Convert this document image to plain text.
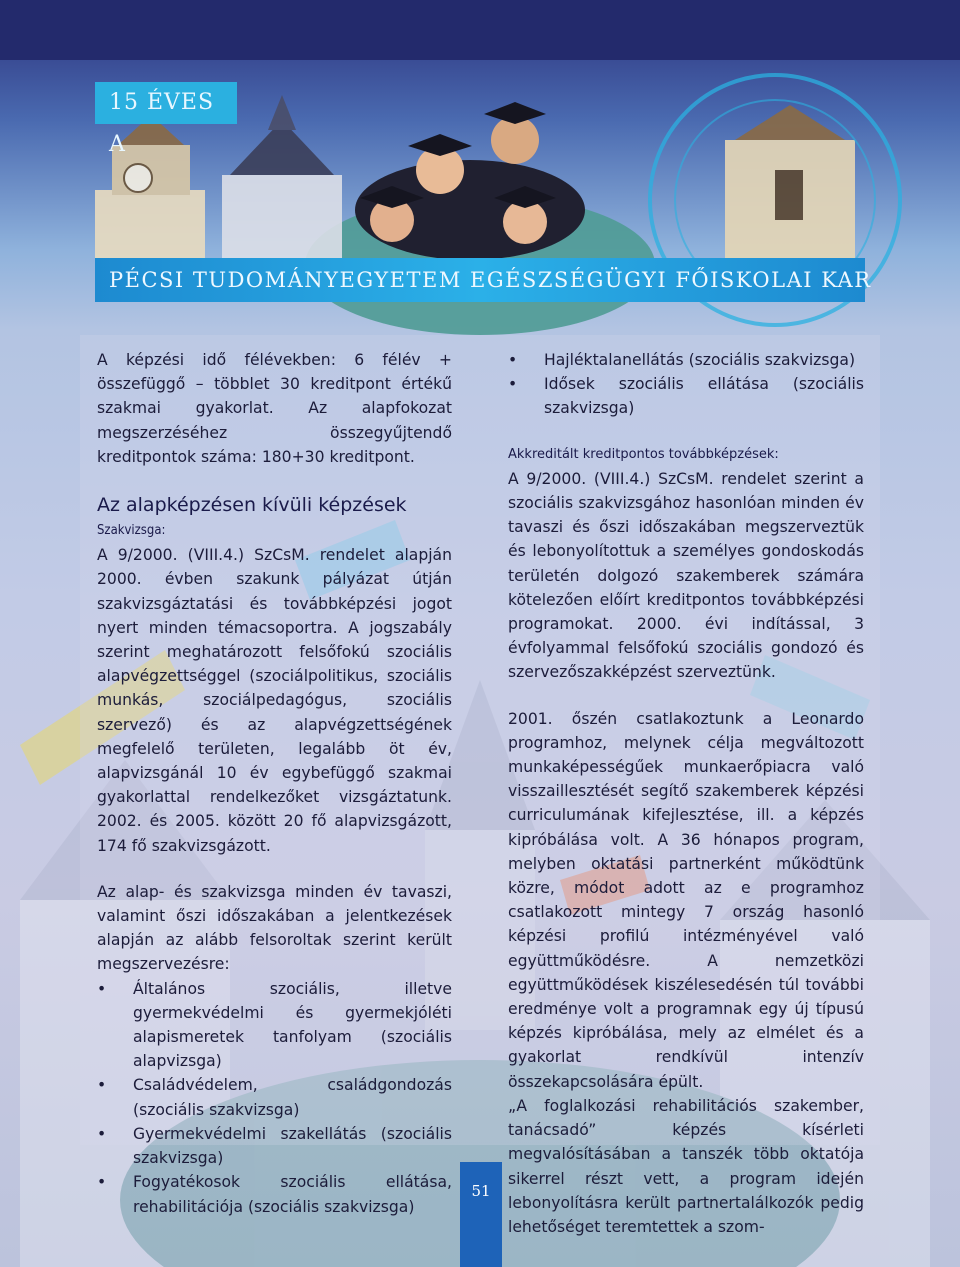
15 ÉVES A
PÉCSI TUDOMÁNYEGYETEM EGÉSZSÉGÜGYI FŐISKOLAI KAR

A képzési idő félévekben: 6 félév + összefüggő – többlet 30 kreditpont értékű szakmai gyakorlat. Az alapfokozat megszerzéséhez összegyűjtendő kreditpontok száma: 180+30 kreditpont.

Az alapképzésen kívüli képzések
Szakvizsga:

A 9/2000. (VIII.4.) SzCsM. rendelet alapján 2000. évben szakunk pályázat útján szakvizsgáztatási és továbbképzési jogot nyert minden témacsoportra. A jogszabály szerint meghatározott felsőfokú szociális alapvégzettséggel (szociálpolitikus, szociális munkás, szociálpedagógus, szociális szervező) és az alapvégzettségének megfelelő területen, legalább öt év, alapvizsgánál 10 év egybefüggő szakmai gyakorlattal rendelkezőket vizsgáztatunk. 2002. és 2005. között 20 fő alapvizsgázott, 174 fő szakvizsgázott.

Az alap- és szakvizsga minden év tavaszi, valamint őszi időszakában a jelentkezések alapján az alább felsoroltak szerint került megszervezésre:

• Általános szociális, illetve gyermekvédelmi és gyermekjóléti alapismeretek tanfolyam (szociális alapvizsga)
• Családvédelem, családgondozás (szociális szakvizsga)
• Gyermekvédelmi szakellátás (szociális szakvizsga)
• Fogyatékosok szociális ellátása, rehabilitációja (szociális szakvizsga)
• Hajléktalanellátás (szociális szakvizsga)
• Idősek szociális ellátása (szociális szakvizsga)
Akkreditált kreditpontos továbbképzések:

A 9/2000. (VIII.4.) SzCsM. rendelet szerint a szociális szakvizsgához hasonlóan minden év tavaszi és őszi időszakában megszerveztük és lebonyolítottuk a személyes gondoskodás területén dolgozó szakemberek számára kötelezően előírt kreditpontos továbbképzési programokat. 2000. évi indítással, 3 évfolyammal felsőfokú szociális gondozó és szervezőszakképzést szerveztünk.

2001. őszén csatlakoztunk a Leonardo programhoz, melynek célja megváltozott munkaképességűek munkaerőpiacra való visszaillesztését segítő szakemberek képzési curriculumának kifejlesztése, ill. a képzés kipróbálása volt. A 36 hónapos program, melyben oktatási partnerként működtünk közre, módot adott az e programhoz csatlakozott mintegy 7 ország hasonló képzési profilú intézményével való együttműködésre. A nemzetközi együttműködések kiszélesedésén túl további eredménye volt a programnak egy új típusú képzés kipróbálása, mely az elmélet és a gyakorlat rendkívül intenzív összekapcsolására épült.

„A foglalkozási rehabilitációs szakember, tanácsadó” képzés kísérleti megvalósításában a tanszék több oktatója sikerrel részt vett, a program idején lebonyolításra került partnertalálkozók pedig lehetőséget teremtettek a szom-

51
